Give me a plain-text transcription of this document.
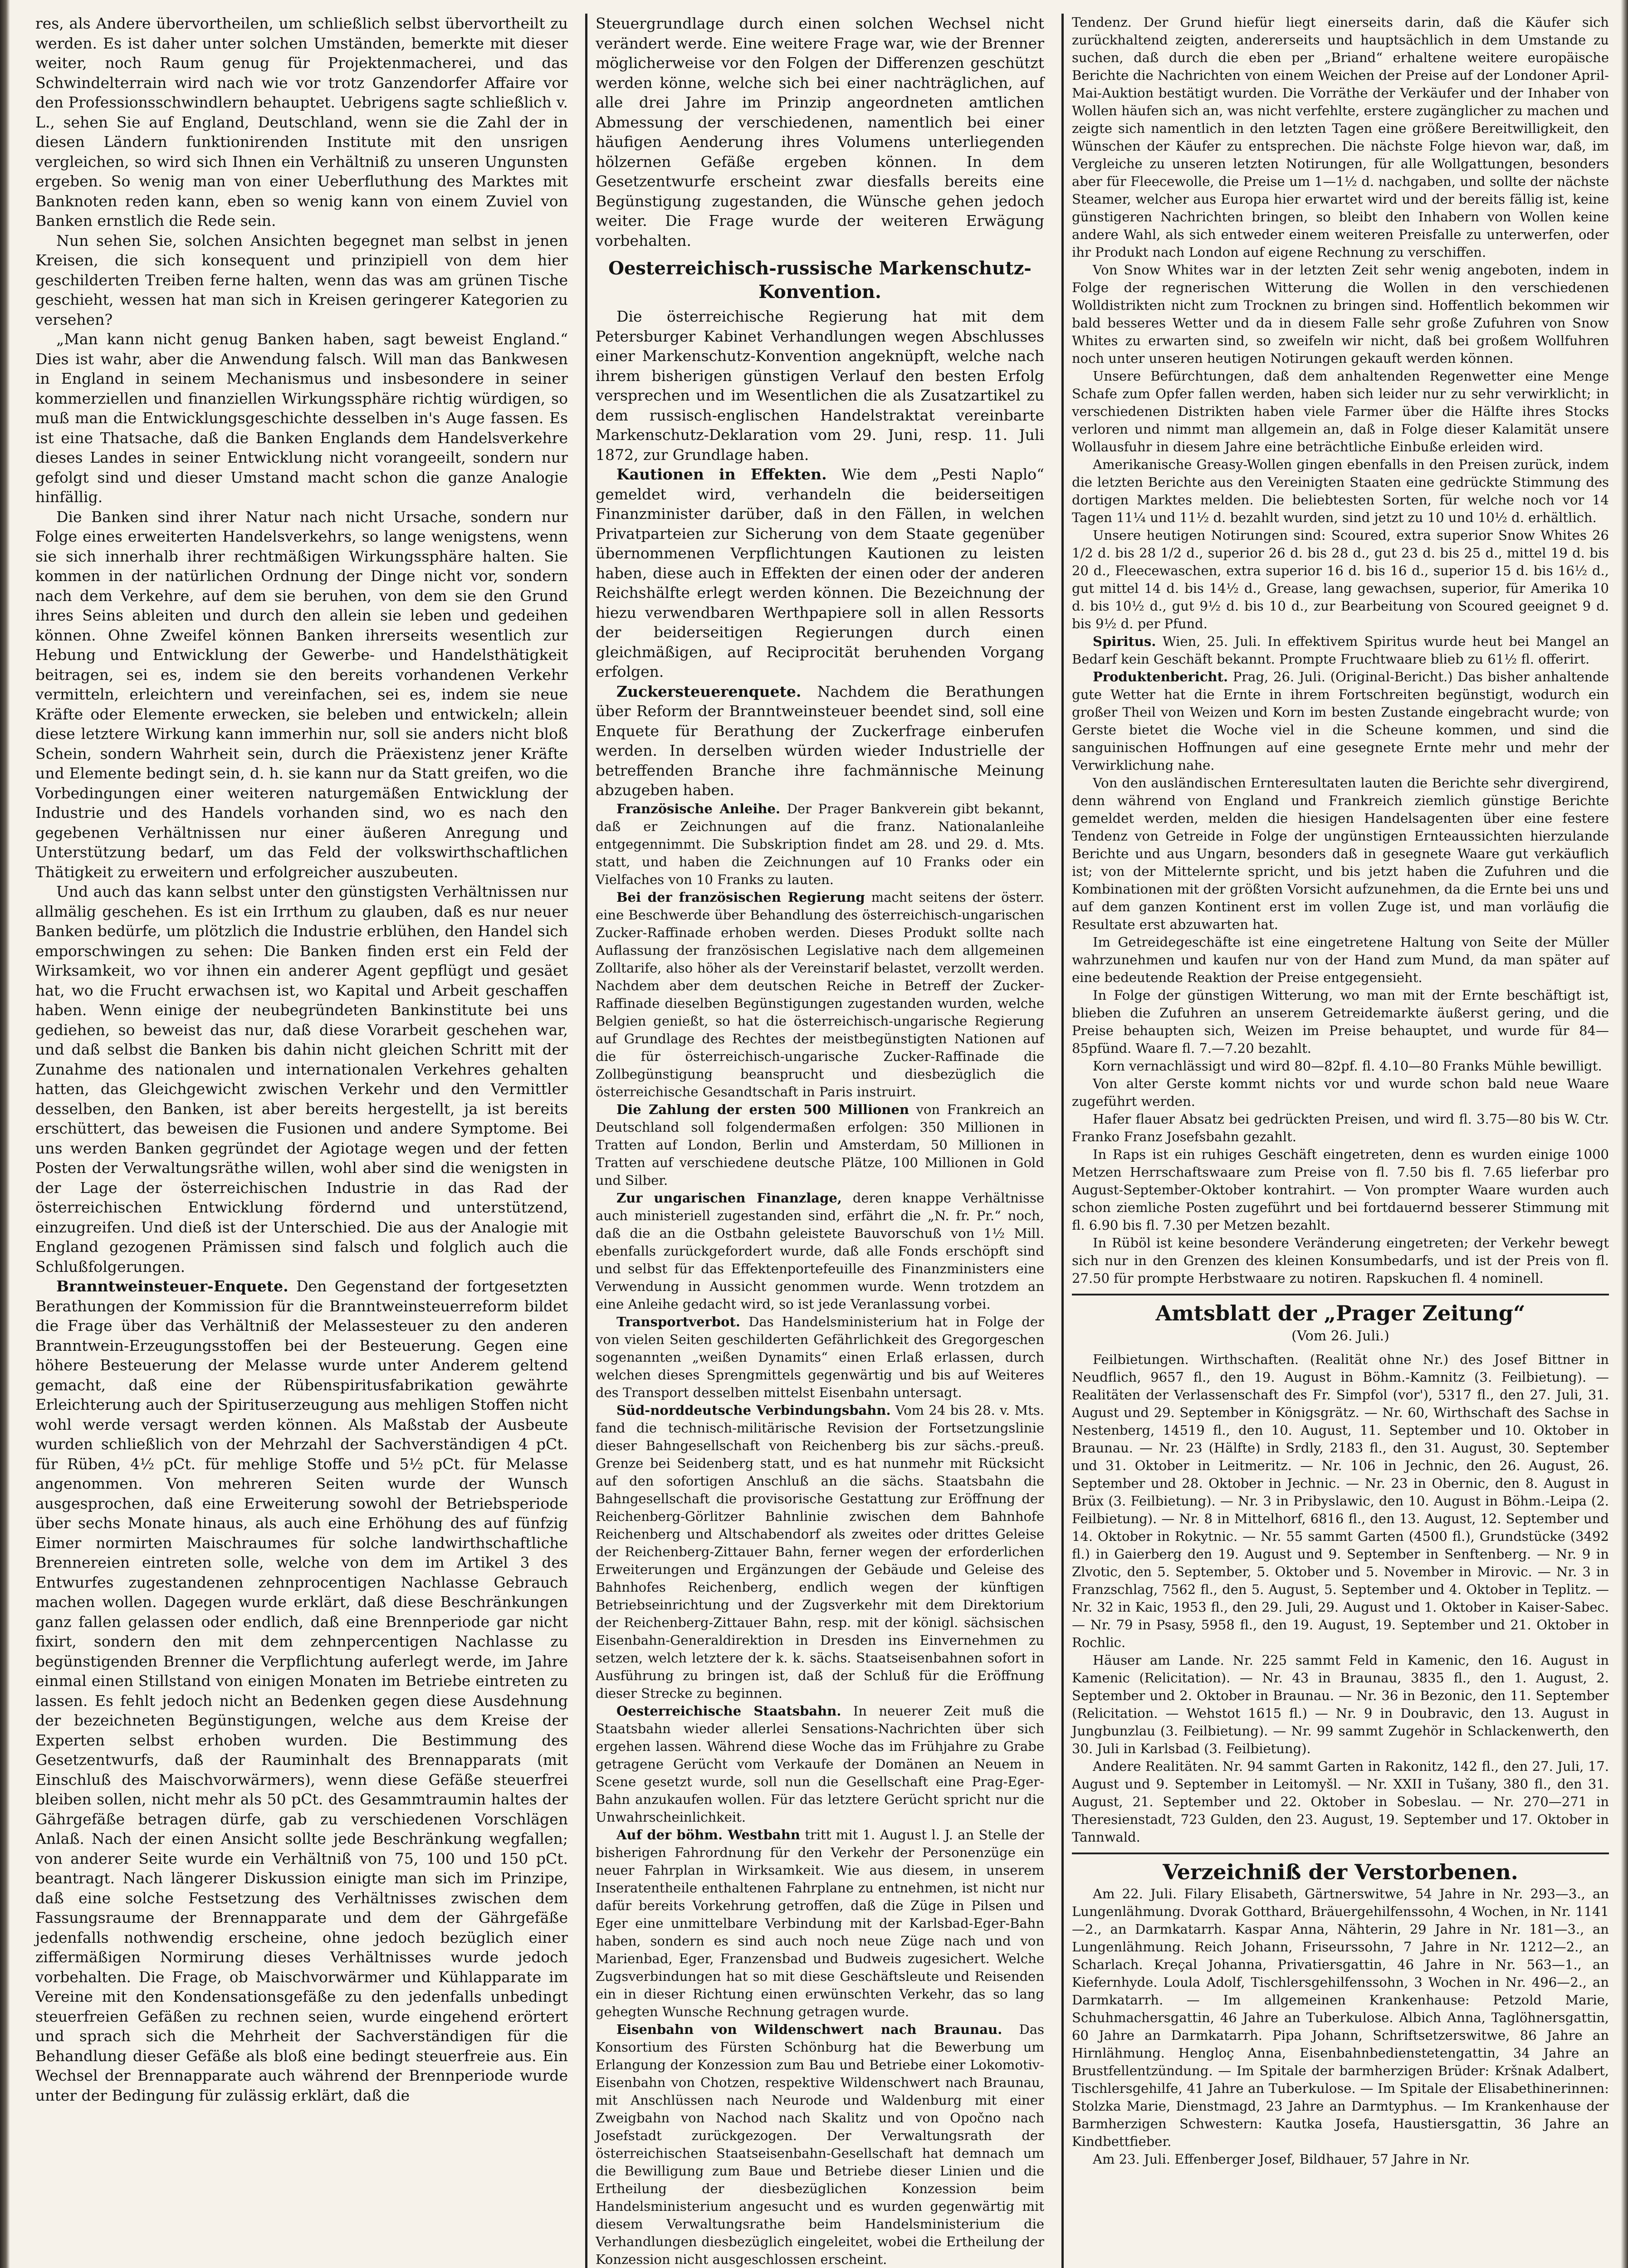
res, als Andere übervortheilen, um schließlich selbst übervortheilt zu werden. Es ist daher unter solchen Umständen, bemerkte mit dieser weiter, noch Raum genug für Projektenmacherei, und das Schwindelterrain wird nach wie vor trotz Ganzendorfer Affaire vor den Professionsschwindlern behauptet. Uebrigens sagte schließlich v. L., sehen Sie auf England, Deutschland, wenn sie die Zahl der in diesen Ländern funktionirenden Institute mit den unsrigen vergleichen, so wird sich Ihnen ein Verhältniß zu unseren Ungunsten ergeben. So wenig man von einer Ueberfluthung des Marktes mit Banknoten reden kann, eben so wenig kann von einem Zuviel von Banken ernstlich die Rede sein.

Nun sehen Sie, solchen Ansichten begegnet man selbst in jenen Kreisen, die sich konsequent und prinzipiell von dem hier geschilderten Treiben ferne halten, wenn das was am grünen Tische geschieht, wessen hat man sich in Kreisen geringerer Kategorien zu versehen?

„Man kann nicht genug Banken haben, sagt beweist England.“ Dies ist wahr, aber die Anwendung falsch. Will man das Bankwesen in England in seinem Mechanismus und insbesondere in seiner kommerziellen und finanziellen Wirkungssphäre richtig würdigen, so muß man die Entwicklungsgeschichte desselben in's Auge fassen. Es ist eine Thatsache, daß die Banken Englands dem Handelsverkehre dieses Landes in seiner Entwicklung nicht vorangeeilt, sondern nur gefolgt sind und dieser Umstand macht schon die ganze Analogie hinfällig.

Die Banken sind ihrer Natur nach nicht Ursache, sondern nur Folge eines erweiterten Handelsverkehrs, so lange wenigstens, wenn sie sich innerhalb ihrer rechtmäßigen Wirkungssphäre halten. Sie kommen in der natürlichen Ordnung der Dinge nicht vor, sondern nach dem Verkehre, auf dem sie beruhen, von dem sie den Grund ihres Seins ableiten und durch den allein sie leben und gedeihen können. Ohne Zweifel können Banken ihrerseits wesentlich zur Hebung und Entwicklung der Gewerbe- und Handelsthätigkeit beitragen, sei es, indem sie den bereits vorhandenen Verkehr vermitteln, erleichtern und vereinfachen, sei es, indem sie neue Kräfte oder Elemente erwecken, sie beleben und entwickeln; allein diese letztere Wirkung kann immerhin nur, soll sie anders nicht bloß Schein, sondern Wahrheit sein, durch die Präexistenz jener Kräfte und Elemente bedingt sein, d. h. sie kann nur da Statt greifen, wo die Vorbedingungen einer weiteren naturgemäßen Entwicklung der Industrie und des Handels vorhanden sind, wo es nach den gegebenen Verhältnissen nur einer äußeren Anregung und Unterstützung bedarf, um das Feld der volkswirthschaftlichen Thätigkeit zu erweitern und erfolgreicher auszubeuten.

Und auch das kann selbst unter den günstigsten Verhältnissen nur allmälig geschehen. Es ist ein Irrthum zu glauben, daß es nur neuer Banken bedürfe, um plötzlich die Industrie erblühen, den Handel sich emporschwingen zu sehen: Die Banken finden erst ein Feld der Wirksamkeit, wo vor ihnen ein anderer Agent gepflügt und gesäet hat, wo die Frucht erwachsen ist, wo Kapital und Arbeit geschaffen haben. Wenn einige der neubegründeten Bankinstitute bei uns gediehen, so beweist das nur, daß diese Vorarbeit geschehen war, und daß selbst die Banken bis dahin nicht gleichen Schritt mit der Zunahme des nationalen und internationalen Verkehres gehalten hatten, das Gleichgewicht zwischen Verkehr und den Vermittler desselben, den Banken, ist aber bereits hergestellt, ja ist bereits erschüttert, das beweisen die Fusionen und andere Symptome. Bei uns werden Banken gegründet der Agiotage wegen und der fetten Posten der Verwaltungsräthe willen, wohl aber sind die wenigsten in der Lage der österreichischen Industrie in das Rad der österreichischen Entwicklung fördernd und unterstützend, einzugreifen. Und dieß ist der Unterschied. Die aus der Analogie mit England gezogenen Prämissen sind falsch und folglich auch die Schlußfolgerungen.

Branntweinsteuer-Enquete. Den Gegenstand der fortgesetzten Berathungen der Kommission für die Branntweinsteuerreform bildet die Frage über das Verhältniß der Melassesteuer zu den anderen Branntwein-Erzeugungsstoffen bei der Besteuerung. Gegen eine höhere Besteuerung der Melasse wurde unter Anderem geltend gemacht, daß eine der Rübenspiritusfabrikation gewährte Erleichterung auch der Spirituserzeugung aus mehligen Stoffen nicht wohl werde versagt werden können. Als Maßstab der Ausbeute wurden schließlich von der Mehrzahl der Sachverständigen 4 pCt. für Rüben, 4½ pCt. für mehlige Stoffe und 5½ pCt. für Melasse angenommen. Von mehreren Seiten wurde der Wunsch ausgesprochen, daß eine Erweiterung sowohl der Betriebsperiode über sechs Monate hinaus, als auch eine Erhöhung des auf fünfzig Eimer normirten Maischraumes für solche landwirthschaftliche Brennereien eintreten solle, welche von dem im Artikel 3 des Entwurfes zugestandenen zehnprocentigen Nachlasse Gebrauch machen wollen. Dagegen wurde erklärt, daß diese Beschränkungen ganz fallen gelassen oder endlich, daß eine Brennperiode gar nicht fixirt, sondern den mit dem zehnpercentigen Nachlasse zu begünstigenden Brenner die Verpflichtung auferlegt werde, im Jahre einmal einen Stillstand von einigen Monaten im Betriebe eintreten zu lassen. Es fehlt jedoch nicht an Bedenken gegen diese Ausdehnung der bezeichneten Begünstigungen, welche aus dem Kreise der Experten selbst erhoben wurden. Die Bestimmung des Gesetzentwurfs, daß der Rauminhalt des Brennapparats (mit Einschluß des Maischvorwärmers), wenn diese Gefäße steuerfrei bleiben sollen, nicht mehr als 50 pCt. des Gesammtraumin haltes der Gährgefäße betragen dürfe, gab zu verschiedenen Vorschlägen Anlaß. Nach der einen Ansicht sollte jede Beschränkung wegfallen; von anderer Seite wurde ein Verhältniß von 75, 100 und 150 pCt. beantragt. Nach längerer Diskussion einigte man sich im Prinzipe, daß eine solche Festsetzung des Verhältnisses zwischen dem Fassungsraume der Brennapparate und dem der Gährgefäße jedenfalls nothwendig erscheine, ohne jedoch bezüglich einer ziffermäßigen Normirung dieses Verhältnisses wurde jedoch vorbehalten. Die Frage, ob Maischvorwärmer und Kühlapparate im Vereine mit den Kondensationsgefäße zu den jedenfalls unbedingt steuerfreien Gefäßen zu rechnen seien, wurde eingehend erörtert und sprach sich die Mehrheit der Sachverständigen für die Behandlung dieser Gefäße als bloß eine bedingt steuerfreie aus. Ein Wechsel der Brennapparate auch während der Brennperiode wurde unter der Bedingung für zulässig erklärt, daß die

Steuergrundlage durch einen solchen Wechsel nicht verändert werde. Eine weitere Frage war, wie der Brenner möglicherweise vor den Folgen der Differenzen geschützt werden könne, welche sich bei einer nachträglichen, auf alle drei Jahre im Prinzip angeordneten amtlichen Abmessung der verschiedenen, namentlich bei einer häufigen Aenderung ihres Volumens unterliegenden hölzernen Gefäße ergeben können. In dem Gesetzentwurfe erscheint zwar diesfalls bereits eine Begünstigung zugestanden, die Wünsche gehen jedoch weiter. Die Frage wurde der weiteren Erwägung vorbehalten.

Oesterreichisch-russische Markenschutz-Konvention.

Die österreichische Regierung hat mit dem Petersburger Kabinet Verhandlungen wegen Abschlusses einer Markenschutz-Konvention angeknüpft, welche nach ihrem bisherigen günstigen Verlauf den besten Erfolg versprechen und im Wesentlichen die als Zusatzartikel zu dem russisch-englischen Handelstraktat vereinbarte Markenschutz-Deklaration vom 29. Juni, resp. 11. Juli 1872, zur Grundlage haben.

Kautionen in Effekten. Wie dem „Pesti Naplo“ gemeldet wird, verhandeln die beiderseitigen Finanzminister darüber, daß in den Fällen, in welchen Privatparteien zur Sicherung von dem Staate gegenüber übernommenen Verpflichtungen Kautionen zu leisten haben, diese auch in Effekten der einen oder der anderen Reichshälfte erlegt werden können. Die Bezeichnung der hiezu verwendbaren Werthpapiere soll in allen Ressorts der beiderseitigen Regierungen durch einen gleichmäßigen, auf Reciprocität beruhenden Vorgang erfolgen.

Zuckersteuerenquete. Nachdem die Berathungen über Reform der Branntweinsteuer beendet sind, soll eine Enquete für Berathung der Zuckerfrage einberufen werden. In derselben würden wieder Industrielle der betreffenden Branche ihre fachmännische Meinung abzugeben haben.

Französische Anleihe. Der Prager Bankverein gibt bekannt, daß er Zeichnungen auf die franz. Nationalanleihe entgegennimmt. Die Subskription findet am 28. und 29. d. Mts. statt, und haben die Zeichnungen auf 10 Franks oder ein Vielfaches von 10 Franks zu lauten.

Bei der französischen Regierung macht seitens der österr. eine Beschwerde über Behandlung des österreichisch-ungarischen Zucker-Raffinade erhoben werden. Dieses Produkt sollte nach Auflassung der französischen Legislative nach dem allgemeinen Zolltarife, also höher als der Vereinstarif belastet, verzollt werden. Nachdem aber dem deutschen Reiche in Betreff der Zucker-Raffinade dieselben Begünstigungen zugestanden wurden, welche Belgien genießt, so hat die österreichisch-ungarische Regierung auf Grundlage des Rechtes der meistbegünstigten Nationen auf die für österreichisch-ungarische Zucker-Raffinade die Zollbegünstigung beansprucht und diesbezüglich die österreichische Gesandtschaft in Paris instruirt.

Die Zahlung der ersten 500 Millionen von Frankreich an Deutschland soll folgendermaßen erfolgen: 350 Millionen in Tratten auf London, Berlin und Amsterdam, 50 Millionen in Tratten auf verschiedene deutsche Plätze, 100 Millionen in Gold und Silber.

Zur ungarischen Finanzlage, deren knappe Verhältnisse auch ministeriell zugestanden sind, erfährt die „N. fr. Pr.“ noch, daß die an die Ostbahn geleistete Bauvorschuß von 1½ Mill. ebenfalls zurückgefordert wurde, daß alle Fonds erschöpft sind und selbst für das Effektenportefeuille des Finanzministers eine Verwendung in Aussicht genommen wurde. Wenn trotzdem an eine Anleihe gedacht wird, so ist jede Veranlassung vorbei.

Transportverbot. Das Handelsministerium hat in Folge der von vielen Seiten geschilderten Gefährlichkeit des Gregorgeschen sogenannten „weißen Dynamits“ einen Erlaß erlassen, durch welchen dieses Sprengmittels gegenwärtig und bis auf Weiteres des Transport desselben mittelst Eisenbahn untersagt.

Süd-norddeutsche Verbindungsbahn. Vom 24 bis 28. v. Mts. fand die technisch-militärische Revision der Fortsetzungslinie dieser Bahngesellschaft von Reichenberg bis zur sächs.-preuß. Grenze bei Seidenberg statt, und es hat nunmehr mit Rücksicht auf den sofortigen Anschluß an die sächs. Staatsbahn die Bahngesellschaft die provisorische Gestattung zur Eröffnung der Reichenberg-Görlitzer Bahnlinie zwischen dem Bahnhofe Reichenberg und Altschabendorf als zweites oder drittes Geleise der Reichenberg-Zittauer Bahn, ferner wegen der erforderlichen Erweiterungen und Ergänzungen der Gebäude und Geleise des Bahnhofes Reichenberg, endlich wegen der künftigen Betriebseinrichtung und der Zugsverkehr mit dem Direktorium der Reichenberg-Zittauer Bahn, resp. mit der königl. sächsischen Eisenbahn-Generaldirektion in Dresden ins Einvernehmen zu setzen, welch letztere der k. k. sächs. Staatseisenbahnen sofort in Ausführung zu bringen ist, daß der Schluß für die Eröffnung dieser Strecke zu beginnen.

Oesterreichische Staatsbahn. In neuerer Zeit muß die Staatsbahn wieder allerlei Sensations-Nachrichten über sich ergehen lassen. Während diese Woche das im Frühjahre zu Grabe getragene Gerücht vom Verkaufe der Domänen an Neuem in Scene gesetzt wurde, soll nun die Gesellschaft eine Prag-Eger-Bahn anzukaufen wollen. Für das letztere Gerücht spricht nur die Unwahrscheinlichkeit.

Auf der böhm. Westbahn tritt mit 1. August l. J. an Stelle der bisherigen Fahrordnung für den Verkehr der Personenzüge ein neuer Fahrplan in Wirksamkeit. Wie aus diesem, in unserem Inseratentheile enthaltenen Fahrplane zu entnehmen, ist nicht nur dafür bereits Vorkehrung getroffen, daß die Züge in Pilsen und Eger eine unmittelbare Verbindung mit der Karlsbad-Eger-Bahn haben, sondern es sind auch noch neue Züge nach und von Marienbad, Eger, Franzensbad und Budweis zugesichert. Welche Zugsverbindungen hat so mit diese Geschäftsleute und Reisenden ein in dieser Richtung einen erwünschten Verkehr, das so lang gehegten Wunsche Rechnung getragen wurde.

Eisenbahn von Wildenschwert nach Braunau. Das Konsortium des Fürsten Schönburg hat die Bewerbung um Erlangung der Konzession zum Bau und Betriebe einer Lokomotiv-Eisenbahn von Chotzen, respektive Wildenschwert nach Braunau, mit Anschlüssen nach Neurode und Waldenburg mit einer Zweigbahn von Nachod nach Skalitz und von Opočno nach Josefstadt zurückgezogen. Der Verwaltungsrath der österreichischen Staatseisenbahn-Gesellschaft hat demnach um die Bewilligung zum Baue und Betriebe dieser Linien und die Ertheilung der diesbezüglichen Konzession beim Handelsministerium angesucht und es wurden gegenwärtig mit diesem Verwaltungsrathe beim Handelsministerium die Verhandlungen diesbezüglich eingeleitet, wobei die Ertheilung der Konzession nicht ausgeschlossen erscheint.

Tendenz. Der Grund hiefür liegt einerseits darin, daß die Käufer sich zurückhaltend zeigten, andererseits und hauptsächlich in dem Umstande zu suchen, daß durch die eben per „Briand“ erhaltene weitere europäische Berichte die Nachrichten von einem Weichen der Preise auf der Londoner April-Mai-Auktion bestätigt wurden. Die Vorräthe der Verkäufer und der Inhaber von Wollen häufen sich an, was nicht verfehlte, erstere zugänglicher zu machen und zeigte sich namentlich in den letzten Tagen eine größere Bereitwilligkeit, den Wünschen der Käufer zu entsprechen. Die nächste Folge hievon war, daß, im Vergleiche zu unseren letzten Notirungen, für alle Wollgattungen, besonders aber für Fleecewolle, die Preise um 1—1½ d. nachgaben, und sollte der nächste Steamer, welcher aus Europa hier erwartet wird und der bereits fällig ist, keine günstigeren Nachrichten bringen, so bleibt den Inhabern von Wollen keine andere Wahl, als sich entweder einem weiteren Preisfalle zu unterwerfen, oder ihr Produkt nach London auf eigene Rechnung zu verschiffen.

Von Snow Whites war in der letzten Zeit sehr wenig angeboten, indem in Folge der regnerischen Witterung die Wollen in den verschiedenen Wolldistrikten nicht zum Trocknen zu bringen sind. Hoffentlich bekommen wir bald besseres Wetter und da in diesem Falle sehr große Zufuhren von Snow Whites zu erwarten sind, so zweifeln wir nicht, daß bei großem Wollfuhren noch unter unseren heutigen Notirungen gekauft werden können.

Unsere Befürchtungen, daß dem anhaltenden Regenwetter eine Menge Schafe zum Opfer fallen werden, haben sich leider nur zu sehr verwirklicht; in verschiedenen Distrikten haben viele Farmer über die Hälfte ihres Stocks verloren und nimmt man allgemein an, daß in Folge dieser Kalamität unsere Wollausfuhr in diesem Jahre eine beträchtliche Einbuße erleiden wird.

Amerikanische Greasy-Wollen gingen ebenfalls in den Preisen zurück, indem die letzten Berichte aus den Vereinigten Staaten eine gedrückte Stimmung des dortigen Marktes melden. Die beliebtesten Sorten, für welche noch vor 14 Tagen 11¼ und 11½ d. bezahlt wurden, sind jetzt zu 10 und 10½ d. erhältlich.

Unsere heutigen Notirungen sind: Scoured, extra superior Snow Whites 26 1/2 d. bis 28 1/2 d., superior 26 d. bis 28 d., gut 23 d. bis 25 d., mittel 19 d. bis 20 d., Fleecewaschen, extra superior 16 d. bis 16 d., superior 15 d. bis 16½ d., gut mittel 14 d. bis 14½ d., Grease, lang gewachsen, superior, für Amerika 10 d. bis 10½ d., gut 9½ d. bis 10 d., zur Bearbeitung von Scoured geeignet 9 d. bis 9½ d. per Pfund.

Spiritus. Wien, 25. Juli. In effektivem Spiritus wurde heut bei Mangel an Bedarf kein Geschäft bekannt. Prompte Fruchtwaare blieb zu 61½ fl. offerirt.

Produktenbericht. Prag, 26. Juli. (Original-Bericht.) Das bisher anhaltende gute Wetter hat die Ernte in ihrem Fortschreiten begünstigt, wodurch ein großer Theil von Weizen und Korn im besten Zustande eingebracht wurde; von Gerste bietet die Woche viel in die Scheune kommen, und sind die sanguinischen Hoffnungen auf eine gesegnete Ernte mehr und mehr der Verwirklichung nahe.

Von den ausländischen Ernteresultaten lauten die Berichte sehr divergirend, denn während von England und Frankreich ziemlich günstige Berichte gemeldet werden, melden die hiesigen Handelsagenten über eine festere Tendenz von Getreide in Folge der ungünstigen Ernteaussichten hierzulande Berichte und aus Ungarn, besonders daß in gesegnete Waare gut verkäuflich ist; von der Mittelernte spricht, und bis jetzt haben die Zufuhren und die Kombinationen mit der größten Vorsicht aufzunehmen, da die Ernte bei uns und auf dem ganzen Kontinent erst im vollen Zuge ist, und man vorläufig die Resultate erst abzuwarten hat.

Im Getreidegeschäfte ist eine eingetretene Haltung von Seite der Müller wahrzunehmen und kaufen nur von der Hand zum Mund, da man später auf eine bedeutende Reaktion der Preise entgegensieht.

In Folge der günstigen Witterung, wo man mit der Ernte beschäftigt ist, blieben die Zufuhren an unserem Getreidemarkte äußerst gering, und die Preise behaupten sich, Weizen im Preise behauptet, und wurde für 84—85pfünd. Waare fl. 7.—7.20 bezahlt.

Korn vernachlässigt und wird 80—82pf. fl. 4.10—80 Franks Mühle bewilligt.

Von alter Gerste kommt nichts vor und wurde schon bald neue Waare zugeführt werden.

Hafer flauer Absatz bei gedrückten Preisen, und wird fl. 3.75—80 bis W. Ctr. Franko Franz Josefsbahn gezahlt.

In Raps ist ein ruhiges Geschäft eingetreten, denn es wurden einige 1000 Metzen Herrschaftswaare zum Preise von fl. 7.50 bis fl. 7.65 lieferbar pro August-September-Oktober kontrahirt. — Von prompter Waare wurden auch schon ziemliche Posten zugeführt und bei fortdauernd besserer Stimmung mit fl. 6.90 bis fl. 7.30 per Metzen bezahlt.

In Rüböl ist keine besondere Veränderung eingetreten; der Verkehr bewegt sich nur in den Grenzen des kleinen Konsumbedarfs, und ist der Preis von fl. 27.50 für prompte Herbstwaare zu notiren. Rapskuchen fl. 4 nominell.

Amtsblatt der „Prager Zeitung“
(Vom 26. Juli.)

Feilbietungen. Wirthschaften. (Realität ohne Nr.) des Josef Bittner in Neudflich, 9657 fl., den 19. August in Böhm.-Kamnitz (3. Feilbietung). — Realitäten der Verlassenschaft des Fr. Simpfol (vor'), 5317 fl., den 27. Juli, 31. August und 29. September in Königsgrätz. — Nr. 60, Wirthschaft des Sachse in Nestenberg, 14519 fl., den 10. August, 11. September und 10. Oktober in Braunau. — Nr. 23 (Hälfte) in Srdly, 2183 fl., den 31. August, 30. September und 31. Oktober in Leitmeritz. — Nr. 106 in Jechnic, den 26. August, 26. September und 28. Oktober in Jechnic. — Nr. 23 in Obernic, den 8. August in Brüx (3. Feilbietung). — Nr. 3 in Pribyslawic, den 10. August in Böhm.-Leipa (2. Feilbietung). — Nr. 8 in Mittelhorf, 6816 fl., den 13. August, 12. September und 14. Oktober in Rokytnic. — Nr. 55 sammt Garten (4500 fl.), Grundstücke (3492 fl.) in Gaierberg den 19. August und 9. September in Senftenberg. — Nr. 9 in Zlvotic, den 5. September, 5. Oktober und 5. November in Mirovic. — Nr. 3 in Franzschlag, 7562 fl., den 5. August, 5. September und 4. Oktober in Teplitz. — Nr. 32 in Kaic, 1953 fl., den 29. Juli, 29. August und 1. Oktober in Kaiser-Sabec. — Nr. 79 in Psasy, 5958 fl., den 19. August, 19. September und 21. Oktober in Rochlic.

Häuser am Lande. Nr. 225 sammt Feld in Kamenic, den 16. August in Kamenic (Relicitation). — Nr. 43 in Braunau, 3835 fl., den 1. August, 2. September und 2. Oktober in Braunau. — Nr. 36 in Bezonic, den 11. September (Relicitation. — Wehstot 1615 fl.) — Nr. 9 in Doubravic, den 13. August in Jungbunzlau (3. Feilbietung). — Nr. 99 sammt Zugehör in Schlackenwerth, den 30. Juli in Karlsbad (3. Feilbietung).

Andere Realitäten. Nr. 94 sammt Garten in Rakonitz, 142 fl., den 27. Juli, 17. August und 9. September in Leitomyšl. — Nr. XXII in Tušany, 380 fl., den 31. August, 21. September und 22. Oktober in Sobeslau. — Nr. 270—271 in Theresienstadt, 723 Gulden, den 23. August, 19. September und 17. Oktober in Tannwald.

Verzeichniß der Verstorbenen.

Am 22. Juli. Filary Elisabeth, Gärtnerswitwe, 54 Jahre in Nr. 293—3., an Lungenlähmung. Dvorak Gotthard, Bräuergehilfenssohn, 4 Wochen, in Nr. 1141—2., an Darmkatarrh. Kaspar Anna, Nähterin, 29 Jahre in Nr. 181—3., an Lungenlähmung. Reich Johann, Friseurssohn, 7 Jahre in Nr. 1212—2., an Scharlach. Kreçal Johanna, Privatiersgattin, 46 Jahre in Nr. 563—1., an Kiefernhyde. Loula Adolf, Tischlersgehilfenssohn, 3 Wochen in Nr. 496—2., an Darmkatarrh. — Im allgemeinen Krankenhause: Petzold Marie, Schuhmachersgattin, 46 Jahre an Tuberkulose. Albich Anna, Taglöhnersgattin, 60 Jahre an Darmkatarrh. Pipa Johann, Schriftsetzerswitwe, 86 Jahre an Hirnlähmung. Hengloç Anna, Eisenbahnbedienstetengattin, 34 Jahre an Brustfellentzündung. — Im Spitale der barmherzigen Brüder: Kršnak Adalbert, Tischlersgehilfe, 41 Jahre an Tuberkulose. — Im Spitale der Elisabethinerinnen: Stolzka Marie, Dienstmagd, 23 Jahre an Darmtyphus. — Im Krankenhause der Barmherzigen Schwestern: Kautka Josefa, Haustiersgattin, 36 Jahre an Kindbettfieber.

Am 23. Juli. Effenberger Josef, Bildhauer, 57 Jahre in Nr.
